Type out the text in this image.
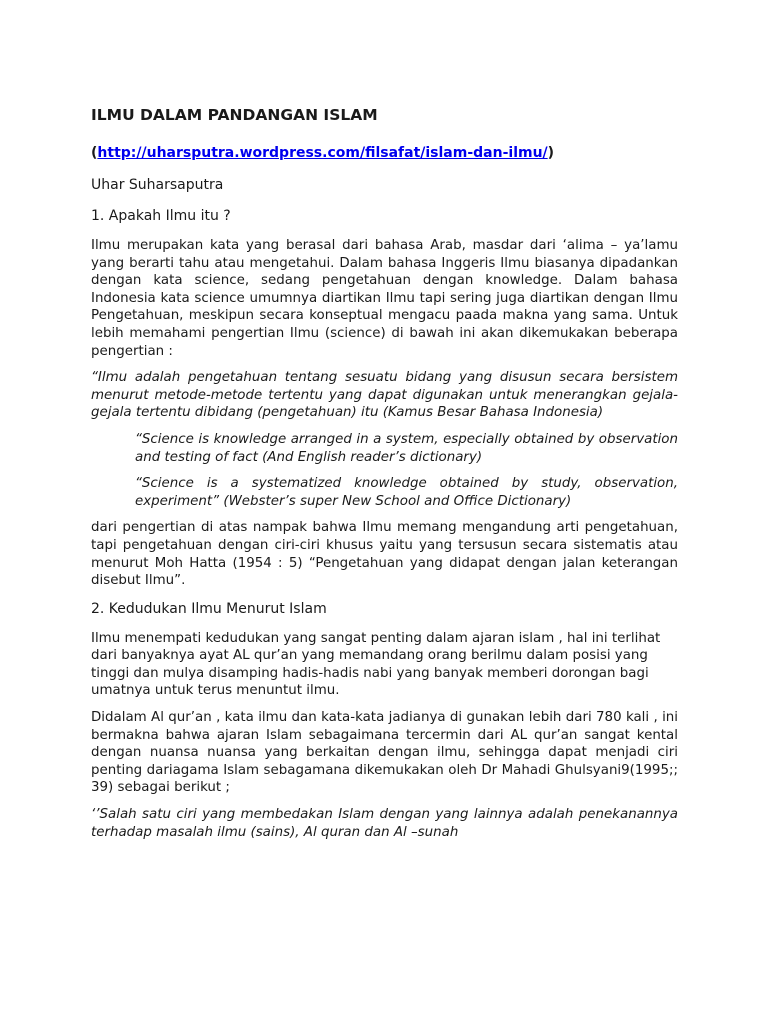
ILMU DALAM PANDANGAN ISLAM
(http://uharsputra.wordpress.com/filsafat/islam-dan-ilmu/)
Uhar Suharsaputra
1. Apakah Ilmu itu ?

Ilmu merupakan kata yang berasal dari bahasa Arab, masdar dari ‘alima – ya’lamu yang berarti tahu atau mengetahui. Dalam bahasa Inggeris Ilmu biasanya dipadankan dengan kata science, sedang pengetahuan dengan knowledge. Dalam bahasa Indonesia kata science umumnya diartikan Ilmu tapi sering juga diartikan dengan Ilmu Pengetahuan, meskipun secara konseptual mengacu paada makna yang sama. Untuk lebih memahami pengertian Ilmu (science) di bawah ini akan dikemukakan beberapa pengertian :

“Ilmu adalah pengetahuan tentang sesuatu bidang yang disusun secara bersistem menurut metode-metode tertentu yang dapat digunakan untuk menerangkan gejala-gejala tertentu dibidang (pengetahuan) itu (Kamus Besar Bahasa Indonesia)

“Science is knowledge arranged in a system, especially obtained by observation and testing of fact (And English reader’s dictionary)

“Science is a systematized knowledge obtained by study, observation, experiment” (Webster’s super New School and Office Dictionary)

dari pengertian di atas nampak bahwa Ilmu memang mengandung arti pengetahuan, tapi pengetahuan dengan ciri-ciri khusus yaitu yang tersusun secara sistematis atau menurut Moh Hatta (1954 : 5) “Pengetahuan yang didapat dengan jalan keterangan disebut Ilmu”.

2. Kedudukan Ilmu Menurut Islam

Ilmu menempati kedudukan yang sangat penting dalam ajaran islam , hal ini terlihat dari banyaknya ayat AL qur’an yang memandang orang berilmu dalam posisi yang tinggi dan mulya disamping hadis-hadis nabi yang banyak memberi dorongan bagi umatnya untuk terus menuntut ilmu.

Didalam Al qur’an , kata ilmu dan kata-kata jadianya di gunakan lebih dari 780 kali , ini bermakna bahwa ajaran Islam sebagaimana tercermin dari AL qur’an sangat kental dengan nuansa nuansa yang berkaitan dengan ilmu, sehingga dapat menjadi ciri penting dariagama Islam sebagamana dikemukakan oleh Dr Mahadi Ghulsyani9(1995;; 39) sebagai berikut ;

‘’Salah satu ciri yang membedakan Islam dengan yang lainnya adalah penekanannya terhadap masalah ilmu (sains), Al quran dan Al –sunah
